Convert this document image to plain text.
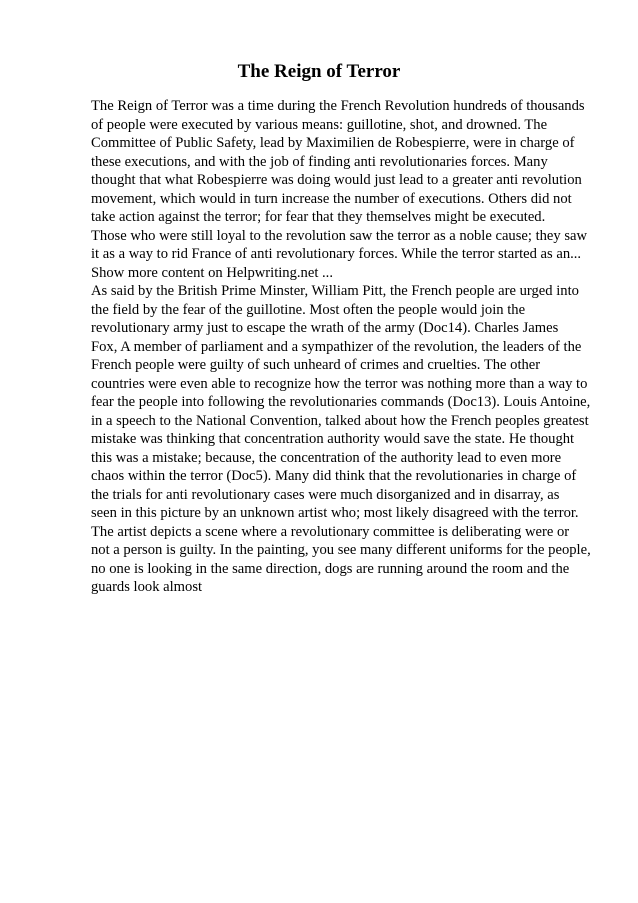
The Reign of Terror

The Reign of Terror was a time during the French Revolution hundreds of thousands
of people were executed by various means: guillotine, shot, and drowned. The
Committee of Public Safety, lead by Maximilien de Robespierre, were in charge of
these executions, and with the job of finding anti revolutionaries forces. Many
thought that what Robespierre was doing would just lead to a greater anti revolution
movement, which would in turn increase the number of executions. Others did not
take action against the terror; for fear that they themselves might be executed.
Those who were still loyal to the revolution saw the terror as a noble cause; they saw
it as a way to rid France of anti revolutionary forces. While the terror started as an...
Show more content on Helpwriting.net ...
As said by the British Prime Minster, William Pitt, the French people are urged into
the field by the fear of the guillotine. Most often the people would join the
revolutionary army just to escape the wrath of the army (Doc14). Charles James
Fox, A member of parliament and a sympathizer of the revolution, the leaders of the
French people were guilty of such unheard of crimes and cruelties. The other
countries were even able to recognize how the terror was nothing more than a way to
fear the people into following the revolutionaries commands (Doc13). Louis Antoine,
in a speech to the National Convention, talked about how the French peoples greatest
mistake was thinking that concentration authority would save the state. He thought
this was a mistake; because, the concentration of the authority lead to even more
chaos within the terror (Doc5). Many did think that the revolutionaries in charge of
the trials for anti revolutionary cases were much disorganized and in disarray, as
seen in this picture by an unknown artist who; most likely disagreed with the terror.
The artist depicts a scene where a revolutionary committee is deliberating were or
not a person is guilty. In the painting, you see many different uniforms for the people,
no one is looking in the same direction, dogs are running around the room and the
guards look almost
